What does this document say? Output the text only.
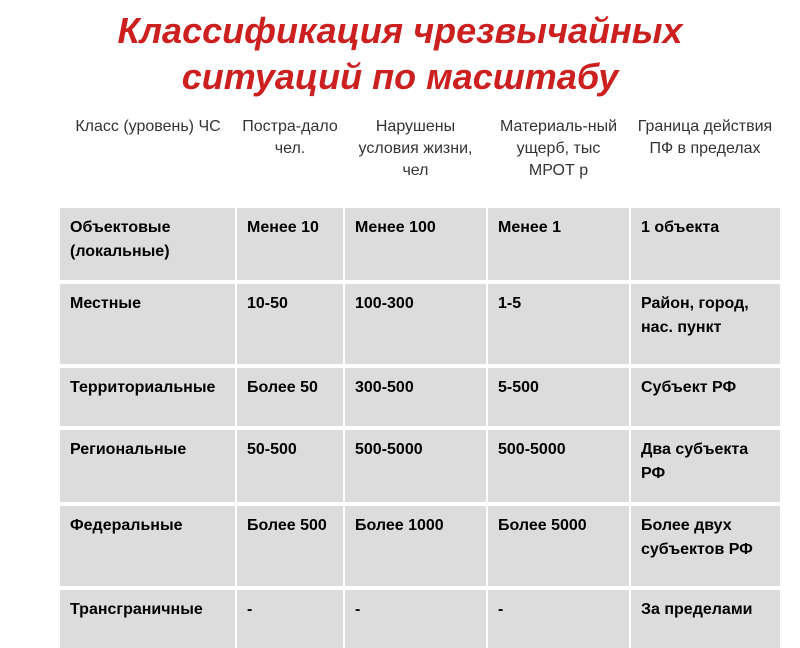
Классификация чрезвычайных
ситуаций по масштабу
Класс (уровень) ЧС	Постра-дало чел.	Нарушены условия жизни, чел	Материаль-ный ущерб, тыс МРОТ р	Граница действия ПФ в пределах
Объектовые (локальные)	Менее 10	Менее 100	Менее 1	1 объекта
Местные	10-50	100-300	1-5	Район, город, нас. пункт
Территориальные	Более 50	300-500	5-500	Субъект РФ
Региональные	50-500	500-5000	500-5000	Два субъекта РФ
Федеральные	Более 500	Более 1000	Более 5000	Более двух субъектов РФ
Трансграничные	-	-	-	За пределами
